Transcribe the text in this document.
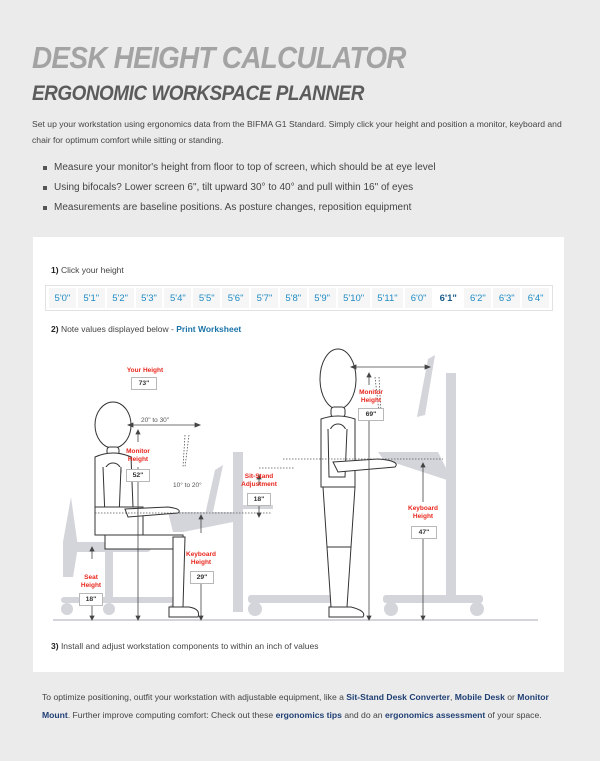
DESK HEIGHT CALCULATOR
ERGONOMIC WORKSPACE PLANNER

Set up your workstation using ergonomics data from the BIFMA G1 Standard. Simply click your height and position a monitor, keyboard and chair for optimum comfort while sitting or standing.

Measure your monitor's height from floor to top of screen, which should be at eye level
Using bifocals? Lower screen 6", tilt upward 30° to 40° and pull within 16" of eyes
Measurements are baseline positions. As posture changes, reposition equipment
1) Click your height
5'0"	5'1"	5'2"	5'3"	5'4"	5'5"	5'6"	5'7"	5'8"	5'9"	5'10"	5'11"	6'0"	6'1"	6'2"	6'3"	6'4"
2) Note values displayed below - Print Worksheet
Your Height
73"
20" to 30"
10° to 20°
Monitor
Height
52"
Keyboard
Height
29"
Seat
Height
18"
Sit-Stand
Adjustment
18"
Monitor
Height
69"
Keyboard
Height
47"
3) Install and adjust workstation components to within an inch of values

To optimize positioning, outfit your workstation with adjustable equipment, like a Sit-Stand Desk Converter, Mobile Desk or Monitor Mount. Further improve computing comfort: Check out these ergonomics tips and do an ergonomics assessment of your space.
